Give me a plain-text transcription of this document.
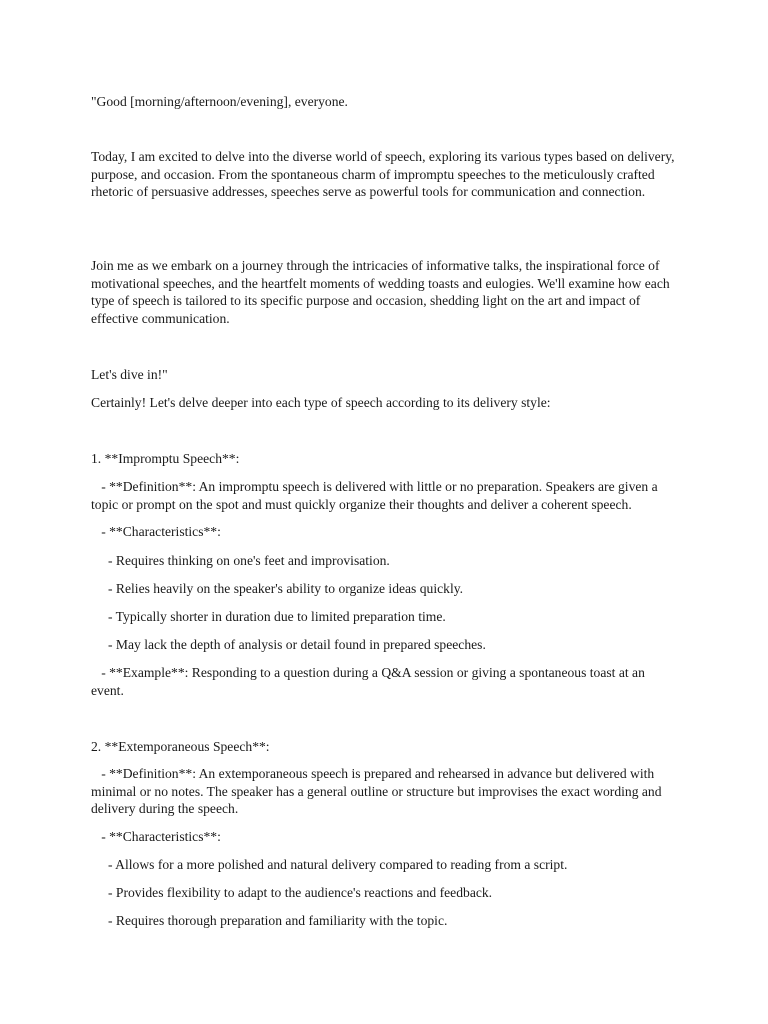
"Good [morning/afternoon/evening], everyone.

Today, I am excited to delve into the diverse world of speech, exploring its various types based on delivery, purpose, and occasion. From the spontaneous charm of impromptu speeches to the meticulously crafted rhetoric of persuasive addresses, speeches serve as powerful tools for communication and connection.

Join me as we embark on a journey through the intricacies of informative talks, the inspirational force of motivational speeches, and the heartfelt moments of wedding toasts and eulogies. We'll examine how each type of speech is tailored to its specific purpose and occasion, shedding light on the art and impact of effective communication.

Let's dive in!"

Certainly! Let's delve deeper into each type of speech according to its delivery style:

1. **Impromptu Speech**:

- **Definition**: An impromptu speech is delivered with little or no preparation. Speakers are given a topic or prompt on the spot and must quickly organize their thoughts and deliver a coherent speech.

- **Characteristics**:

- Requires thinking on one's feet and improvisation.

- Relies heavily on the speaker's ability to organize ideas quickly.

- Typically shorter in duration due to limited preparation time.

- May lack the depth of analysis or detail found in prepared speeches.

- **Example**: Responding to a question during a Q&A session or giving a spontaneous toast at an event.

2. **Extemporaneous Speech**:

- **Definition**: An extemporaneous speech is prepared and rehearsed in advance but delivered with minimal or no notes. The speaker has a general outline or structure but improvises the exact wording and delivery during the speech.

- **Characteristics**:

- Allows for a more polished and natural delivery compared to reading from a script.

- Provides flexibility to adapt to the audience's reactions and feedback.

- Requires thorough preparation and familiarity with the topic.
